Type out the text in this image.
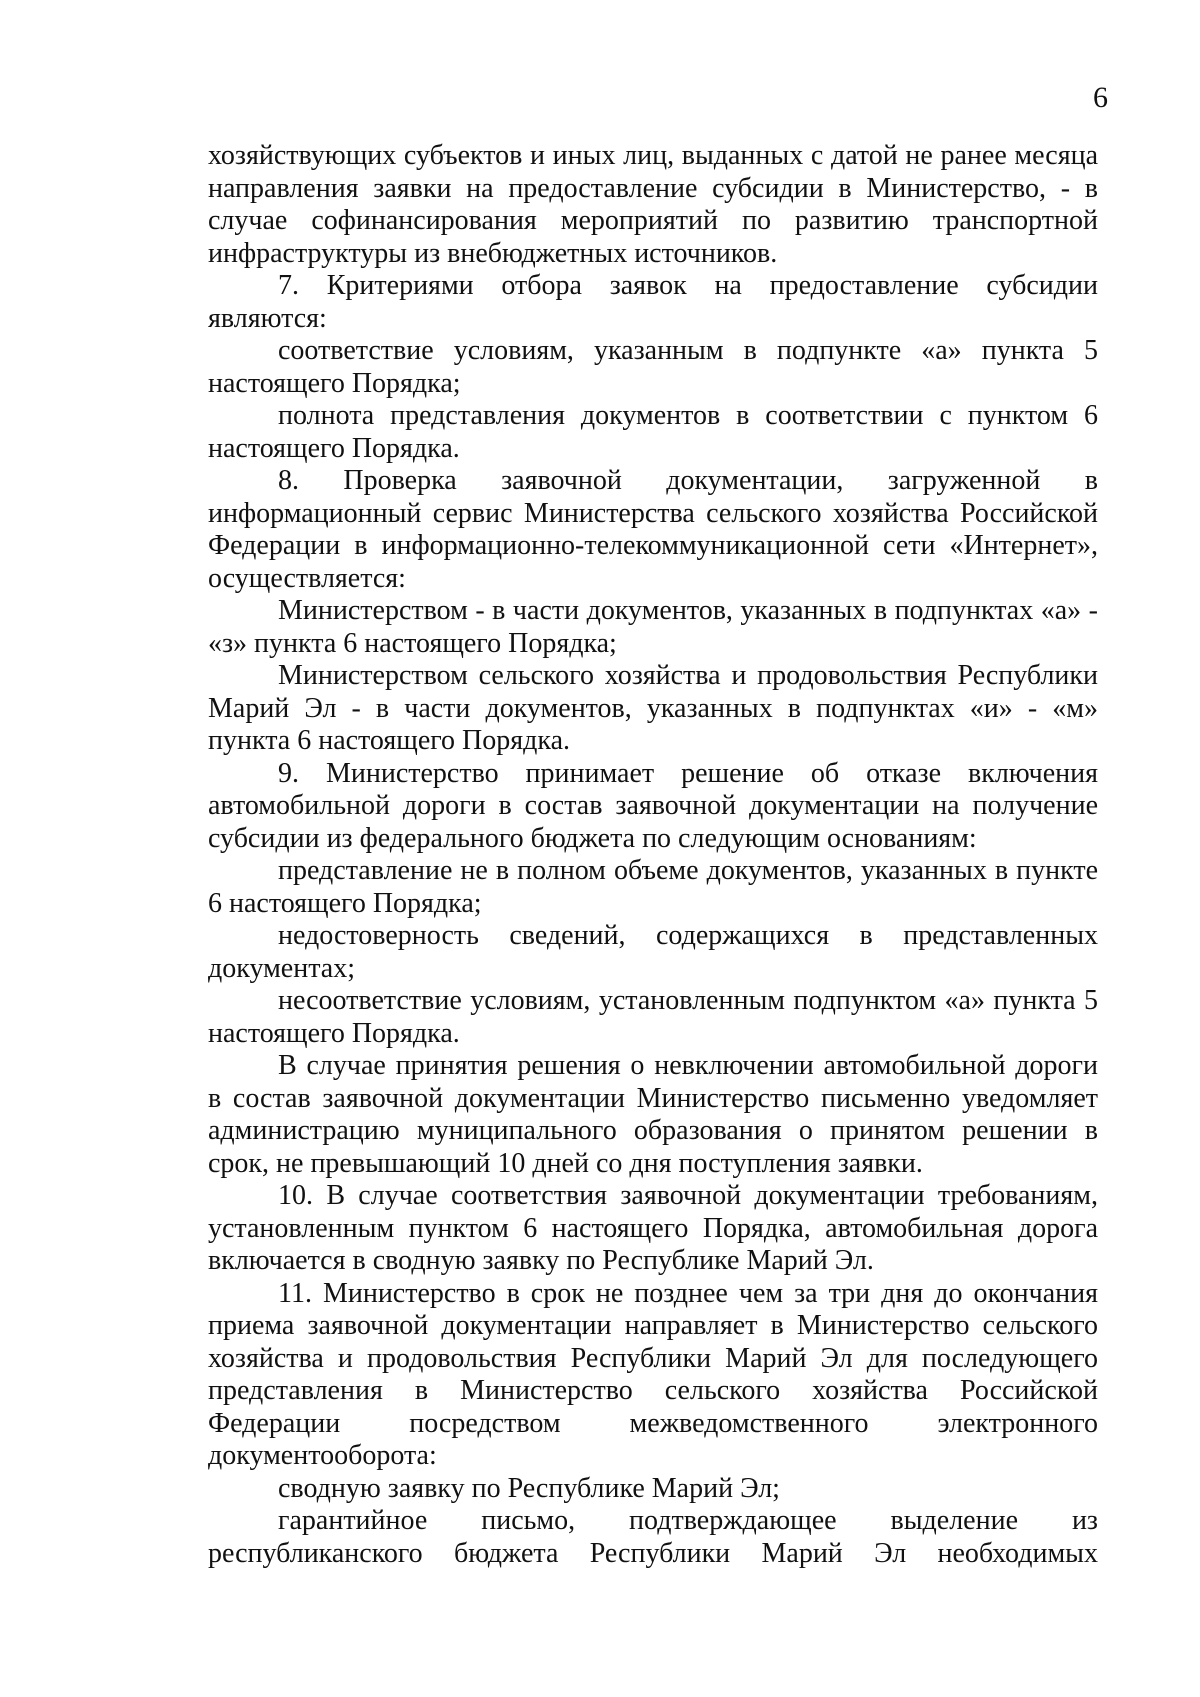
6

хозяйствующих субъектов и иных лиц, выданных с датой не ранее месяца направления заявки на предоставление субсидии в Министерство, - в случае софинансирования мероприятий по развитию транспортной инфраструктуры из внебюджетных источников.

7. Критериями отбора заявок на предоставление субсидии являются:

соответствие условиям, указанным в подпункте «а» пункта 5 настоящего Порядка;

полнота представления документов в соответствии с пунктом 6 настоящего Порядка.

8. Проверка заявочной документации, загруженной в информационный сервис Министерства сельского хозяйства Российской Федерации в информационно-телекоммуникационной сети «Интернет», осуществляется:

Министерством - в части документов, указанных в подпунктах «а» - «з» пункта 6 настоящего Порядка;

Министерством сельского хозяйства и продовольствия Республики Марий Эл - в части документов, указанных в подпунктах «и» - «м» пункта 6 настоящего Порядка.

9. Министерство принимает решение об отказе включения автомобильной дороги в состав заявочной документации на получение субсидии из федерального бюджета по следующим основаниям:

представление не в полном объеме документов, указанных в пункте 6 настоящего Порядка;

недостоверность сведений, содержащихся в представленных документах;

несоответствие условиям, установленным подпунктом «а» пункта 5 настоящего Порядка.

В случае принятия решения о невключении автомобильной дороги в состав заявочной документации Министерство письменно уведомляет администрацию муниципального образования о принятом решении в срок, не превышающий 10 дней со дня поступления заявки.

10. В случае соответствия заявочной документации требованиям, установленным пунктом 6 настоящего Порядка, автомобильная дорога включается в сводную заявку по Республике Марий Эл.

11. Министерство в срок не позднее чем за три дня до окончания приема заявочной документации направляет в Министерство сельского хозяйства и продовольствия Республики Марий Эл для последующего представления в Министерство сельского хозяйства Российской Федерации посредством межведомственного электронного документооборота:

сводную заявку по Республике Марий Эл;

гарантийное письмо, подтверждающее выделение из республиканского бюджета Республики Марий Эл необходимых
